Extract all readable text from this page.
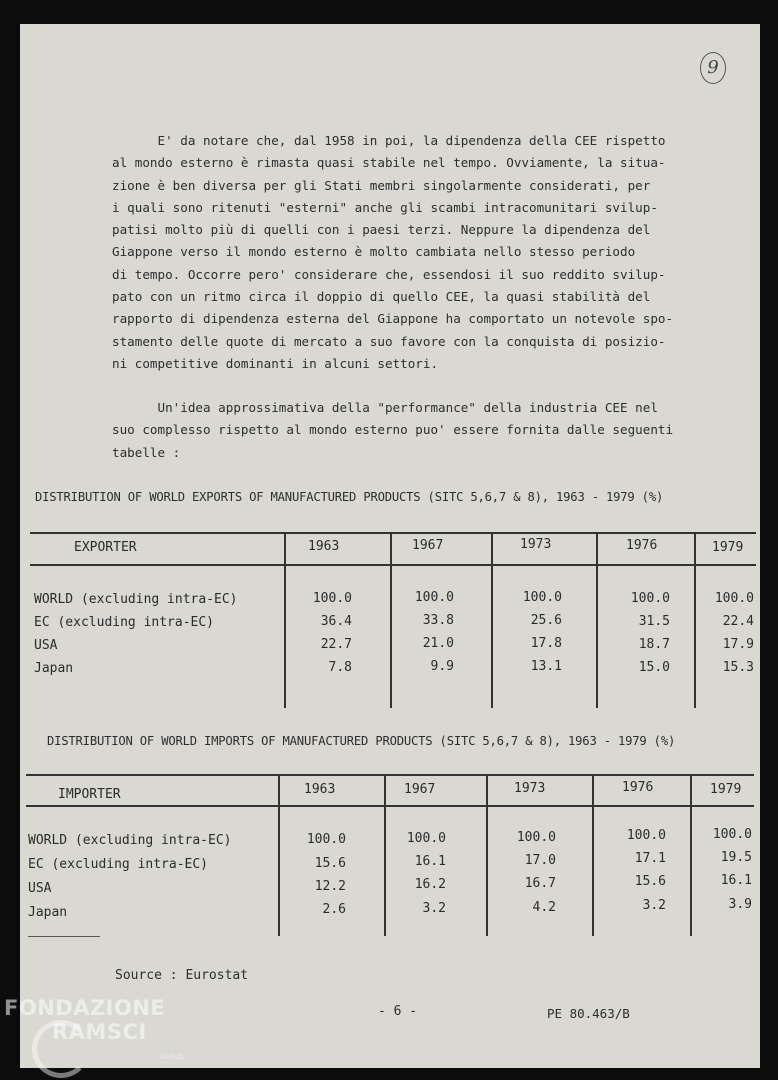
9

E' da notare che, dal 1958 in poi, la dipendenza della CEE rispetto

al mondo esterno è rimasta quasi stabile nel tempo. Ovviamente, la situa-

zione è ben diversa per gli Stati membri singolarmente considerati, per

i quali sono ritenuti "esterni" anche gli scambi intracomunitari svilup-

patisi molto più di quelli con i paesi terzi. Neppure la dipendenza del

Giappone verso il mondo esterno è molto cambiata nello stesso periodo

di tempo. Occorre pero' considerare che, essendosi il suo reddito svilup-

pato con un ritmo circa il doppio di quello CEE, la quasi stabilità del

rapporto di dipendenza esterna del Giappone ha comportato un notevole spo-

stamento delle quote di mercato a suo favore con la conquista di posizio-

ni competitive dominanti in alcuni settori.

Un'idea approssimativa della "performance" della industria CEE nel

suo complesso rispetto al mondo esterno puo' essere fornita dalle seguenti

tabelle :

DISTRIBUTION OF WORLD EXPORTS OF MANUFACTURED PRODUCTS (SITC 5,6,7 & 8), 1963 - 1979 (%)
EXPORTER	1963	1967	1973	1976	1979
WORLD (excluding intra-EC)	100.0	100.0	100.0	100.0	100.0
EC (excluding intra-EC)	36.4	33.8	25.6	31.5	22.4
USA	22.7	21.0	17.8	18.7	17.9
Japan	7.8	9.9	13.1	15.0	15.3
DISTRIBUTION OF WORLD IMPORTS OF MANUFACTURED PRODUCTS (SITC 5,6,7 & 8), 1963 - 1979 (%)
IMPORTER	1963	1967	1973	1976	1979
WORLD (excluding intra-EC)	100.0	100.0	100.0	100.0	100.0
EC (excluding intra-EC)	15.6	16.1	17.0	17.1	19.5
USA	12.2	16.2	16.7	15.6	16.1
Japan	2.6	3.2	4.2	3.2	3.9
Source : Eurostat
- 6 -	PE 80.463/B
FONDAZIONE
RAMSCI
onlus
